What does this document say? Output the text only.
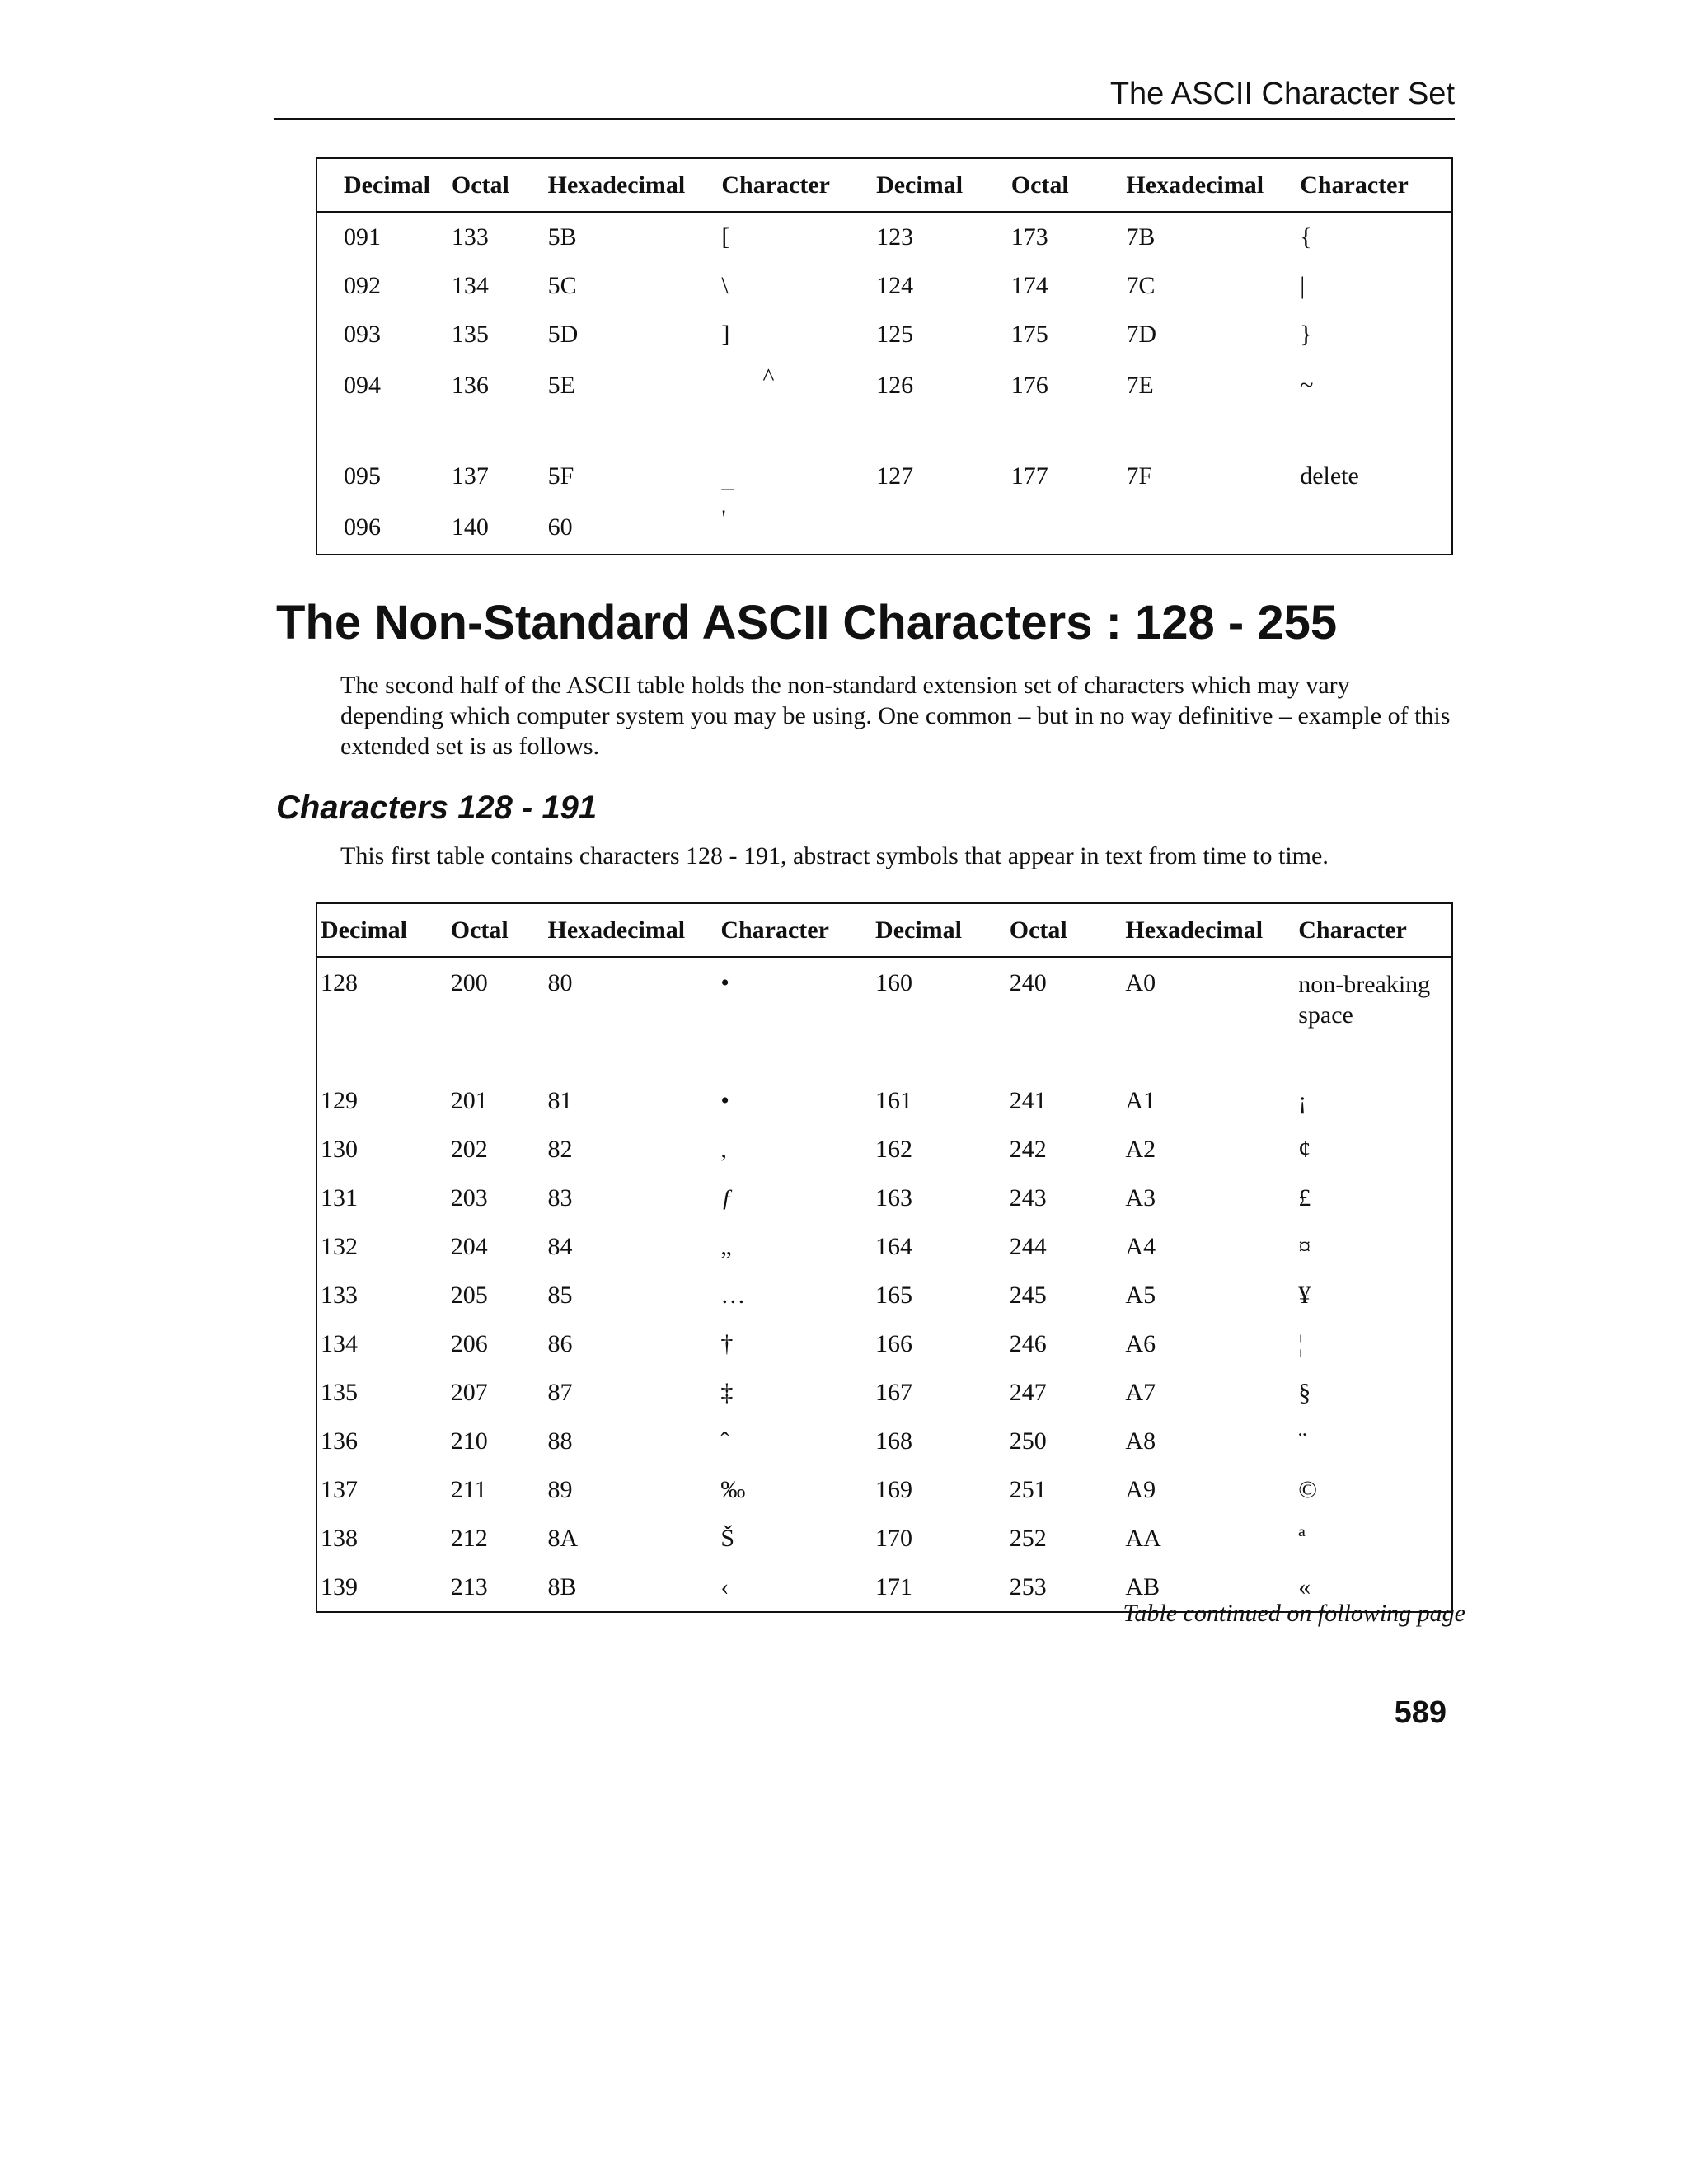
The ASCII Character Set
Decimal	Octal	Hexadecimal	Character	Decimal	Octal	Hexadecimal	Character
091	133	5B	[	123	173	7B	{
092	134	5C	\	124	174	7C	|
093	135	5D	]	125	175	7D	}
094	136	5E	^	126	176	7E	~
095	137	5F	_	127	177	7F	delete
096	140	60	'				
The Non-Standard ASCII Characters : 128 - 255

The second half of the ASCII table holds the non-standard extension set of characters which may vary depending which computer system you may be using. One common – but in no way definitive – example of this extended set is as follows.

Characters 128 - 191

This first table contains characters 128 - 191, abstract symbols that appear in text from time to time.

Decimal	Octal	Hexadecimal	Character	Decimal	Octal	Hexadecimal	Character
128	200	80	•	160	240	A0	non-breaking space
129	201	81	•	161	241	A1	¡
130	202	82	,	162	242	A2	¢
131	203	83	ƒ	163	243	A3	£
132	204	84	„	164	244	A4	¤
133	205	85	…	165	245	A5	¥
134	206	86	†	166	246	A6	¦
135	207	87	‡	167	247	A7	§
136	210	88	ˆ	168	250	A8	¨
137	211	89	‰	169	251	A9	©
138	212	8A	Š	170	252	AA	ª
139	213	8B	‹	171	253	AB	«
Table continued on following page
589
